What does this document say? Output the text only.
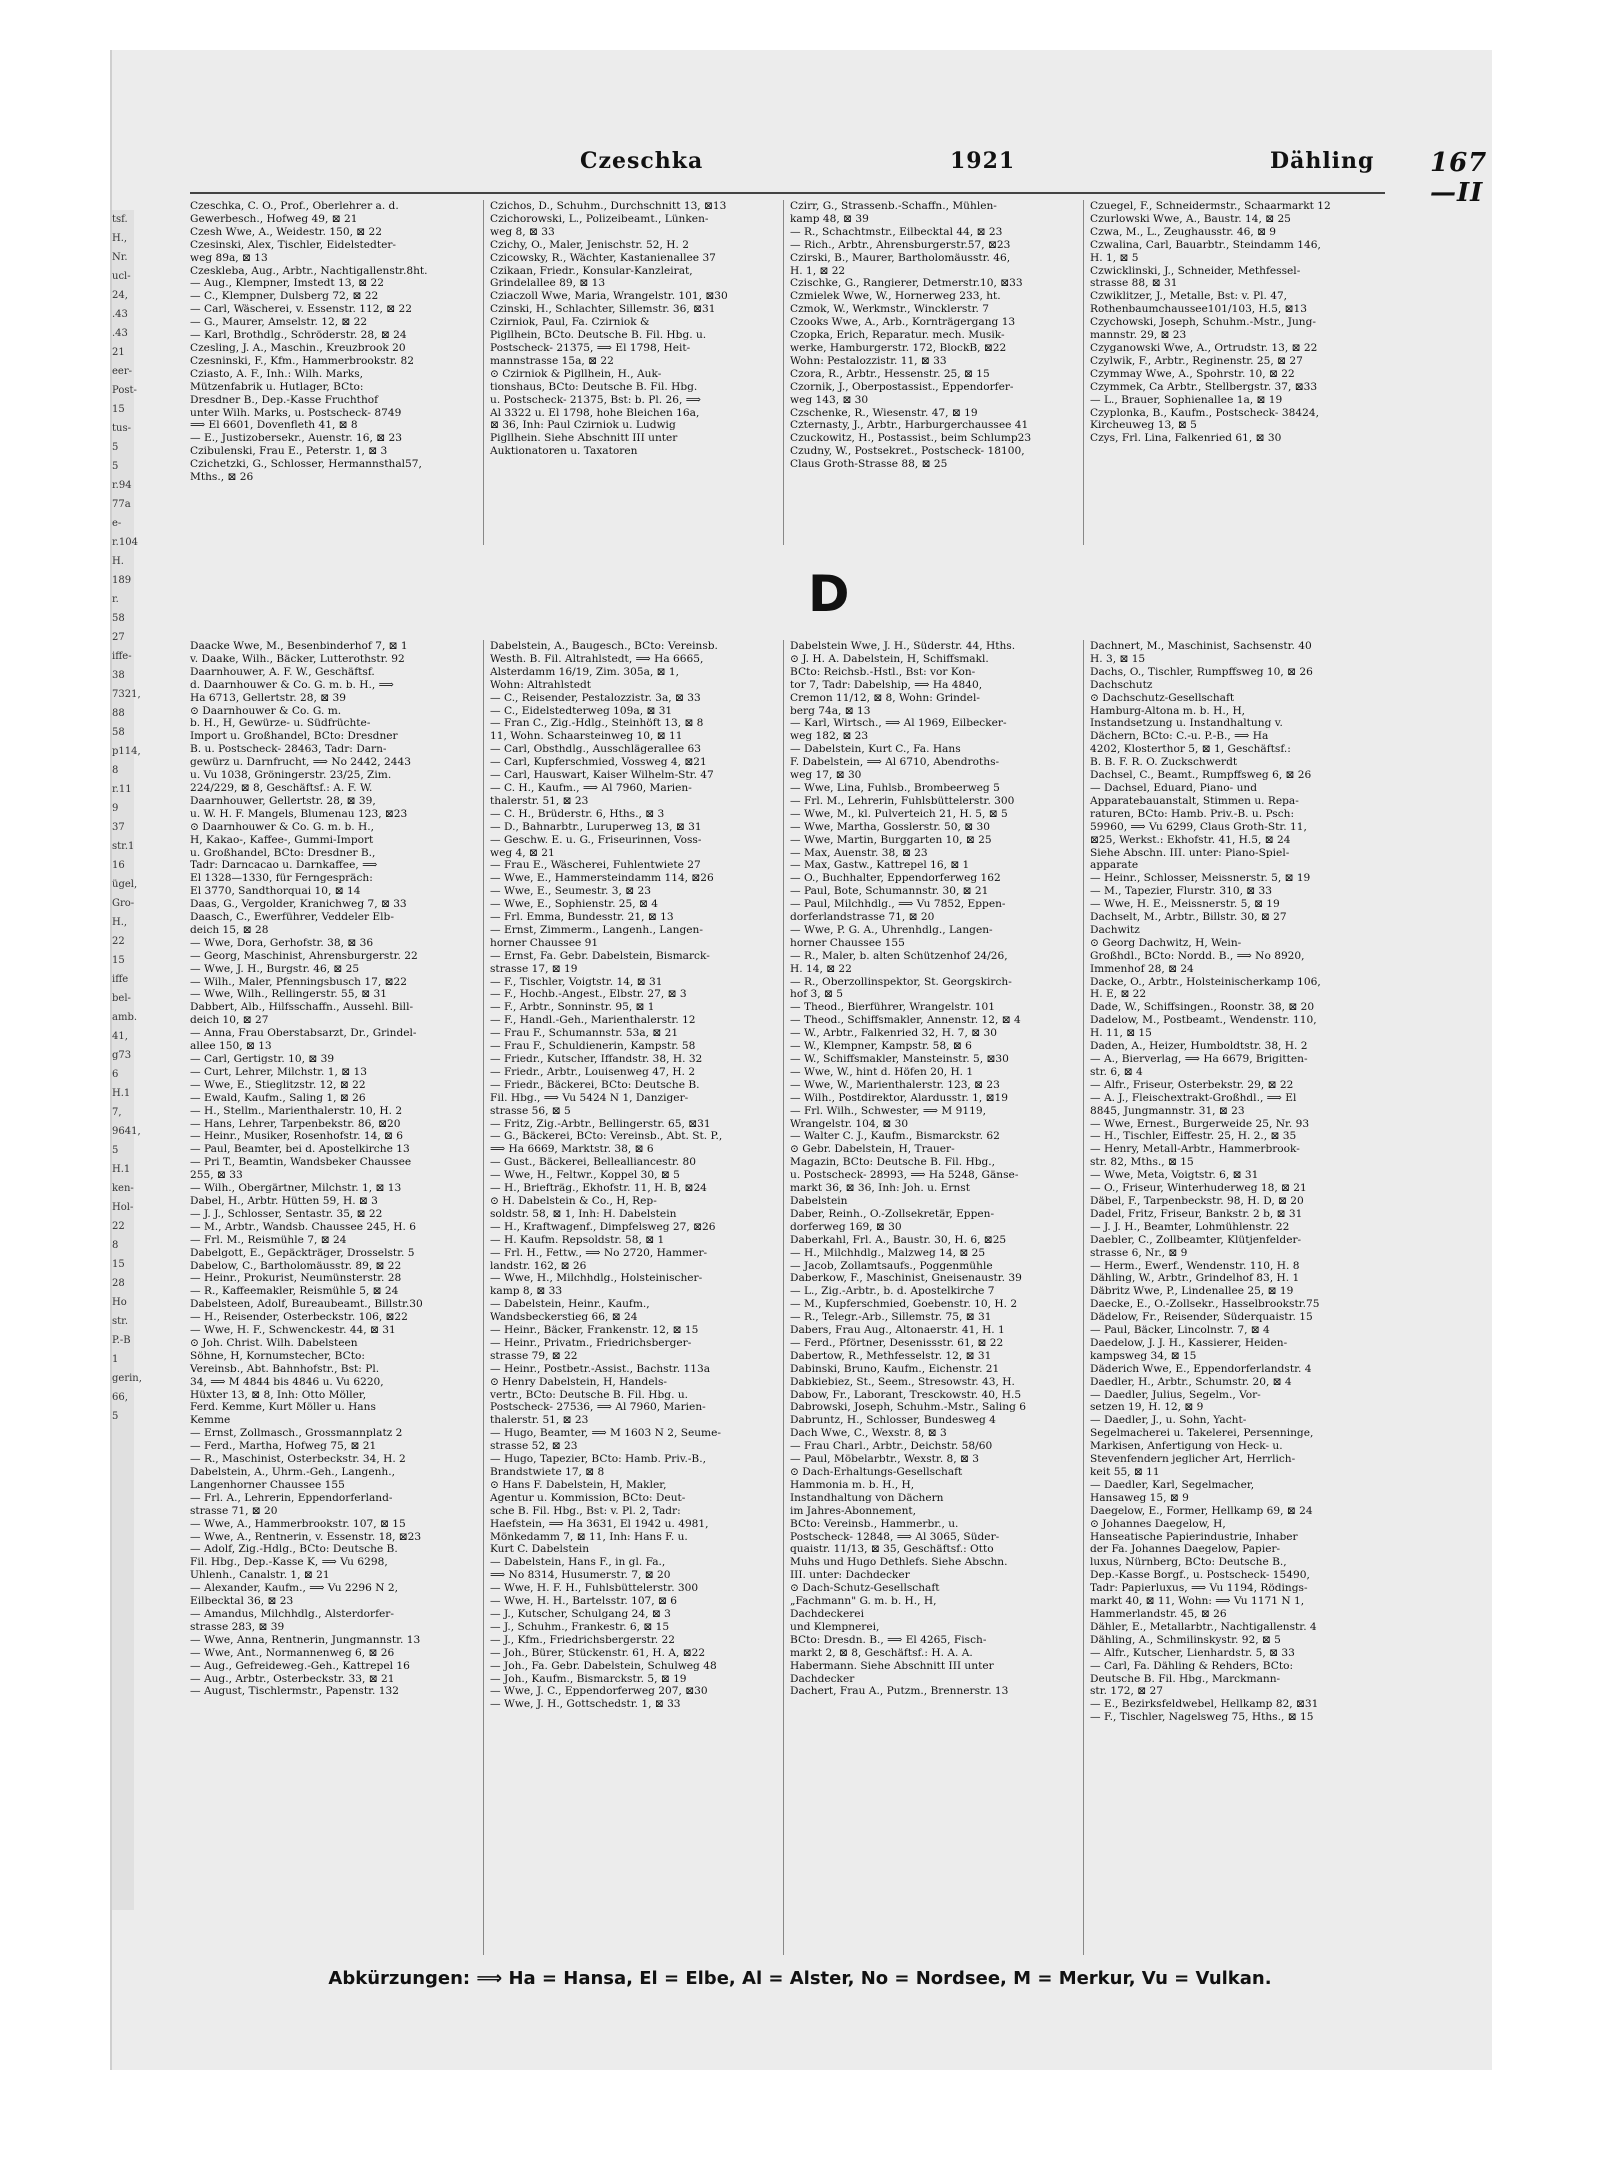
tsf.
H.,
Nr.
ucl-
24,
.43
.43
21
eer-
Post-
15
tus-
5
5
r.94
77a
e-
r.104
H.
189
r.
58
27
iffe-
38
7321,
88
58
p114,
8
r.11
9
37
str.1
16
ügel,
Gro-
H.,
22
15
iffe
bel-
amb.
41,
g73
6
H.1
7,
9641,
5
H.1
ken-
Hol-
22
8
15
28
Ho
str.
P.-B
1
gerin,
66,
5
Czeschka	1921	Dähling 167—II
Czeschka, C. O., Prof., Oberlehrer a. d.
Gewerbesch., Hofweg 49, ⊠ 21
Czesh Wwe, A., Weidestr. 150, ⊠ 22
Czesinski, Alex, Tischler, Eidelstedter-
weg 89a, ⊠ 13
Czeskleba, Aug., Arbtr., Nachtigallenstr.8ht.
— Aug., Klempner, Imstedt 13, ⊠ 22
— C., Klempner, Dulsberg 72, ⊠ 22
— Carl, Wäscherei, v. Essenstr. 112, ⊠ 22
— G., Maurer, Amselstr. 12, ⊠ 22
— Karl, Brothdlg., Schröderstr. 28, ⊠ 24
Czesling, J. A., Maschin., Kreuzbrook 20
Czesninski, F., Kfm., Hammerbrookstr. 82
Cziasto, A. F., Inh.: Wilh. Marks,
Mützenfabrik u. Hutlager, BCto:
Dresdner B., Dep.-Kasse Fruchthof
unter Wilh. Marks, u. Postscheck- 8749
⟹ El 6601, Dovenfleth 41, ⊠ 8
— E., Justizobersekr., Auenstr. 16, ⊠ 23
Czibulenski, Frau E., Peterstr. 1, ⊠ 3
Czichetzki, G., Schlosser, Hermannsthal57,
Mths., ⊠ 26
Czichos, D., Schuhm., Durchschnitt 13, ⊠13
Czichorowski, L., Polizeibeamt., Lünken-
weg 8, ⊠ 33
Czichy, O., Maler, Jenischstr. 52, H. 2
Czicowsky, R., Wächter, Kastanienallee 37
Czikaan, Friedr., Konsular-Kanzleirat,
Grindelallee 89, ⊠ 13
Cziaczoll Wwe, Maria, Wrangelstr. 101, ⊠30
Czinski, H., Schlachter, Sillemstr. 36, ⊠31
Czirniok, Paul, Fa. Czirniok &
Pigllhein, BCto. Deutsche B. Fil. Hbg. u.
Postscheck- 21375, ⟹ El 1798, Heit-
mannstrasse 15a, ⊠ 22
⊙ Czirniok & Pigllhein, H., Auk-
tionshaus, BCto: Deutsche B. Fil. Hbg.
u. Postscheck- 21375, Bst: b. Pl. 26, ⟹
Al 3322 u. El 1798, hohe Bleichen 16a,
⊠ 36, Inh: Paul Czirniok u. Ludwig
Pigllhein. Siehe Abschnitt III unter
Auktionatoren u. Taxatoren
Czirr, G., Strassenb.-Schaffn., Mühlen-
kamp 48, ⊠ 39
— R., Schachtmstr., Eilbecktal 44, ⊠ 23
— Rich., Arbtr., Ahrensburgerstr.57, ⊠23
Czirski, B., Maurer, Bartholomäusstr. 46,
H. 1, ⊠ 22
Czischke, G., Rangierer, Detmerstr.10, ⊠33
Czmielek Wwe, W., Hornerweg 233, ht.
Czmok, W., Werkmstr., Wincklerstr. 7
Czooks Wwe, A., Arb., Kornträgergang 13
Czopka, Erich, Reparatur. mech. Musik-
werke, Hamburgerstr. 172, BlockB, ⊠22
Wohn: Pestalozzistr. 11, ⊠ 33
Czora, R., Arbtr., Hessenstr. 25, ⊠ 15
Czornik, J., Oberpostassist., Eppendorfer-
weg 143, ⊠ 30
Czschenke, R., Wiesenstr. 47, ⊠ 19
Czternasty, J., Arbtr., Harburgerchaussee 41
Czuckowitz, H., Postassist., beim Schlump23
Czudny, W., Postsekret., Postscheck- 18100,
Claus Groth-Strasse 88, ⊠ 25
Czuegel, F., Schneidermstr., Schaarmarkt 12
Czurlowski Wwe, A., Baustr. 14, ⊠ 25
Czwa, M., L., Zeughausstr. 46, ⊠ 9
Czwalina, Carl, Bauarbtr., Steindamm 146,
H. 1, ⊠ 5
Czwicklinski, J., Schneider, Methfessel-
strasse 88, ⊠ 31
Czwiklitzer, J., Metalle, Bst: v. Pl. 47,
Rothenbaumchaussee101/103, H.5, ⊠13
Czychowski, Joseph, Schuhm.-Mstr., Jung-
mannstr. 29, ⊠ 23
Czyganowski Wwe, A., Ortrudstr. 13, ⊠ 22
Czylwik, F., Arbtr., Reginenstr. 25, ⊠ 27
Czymmay Wwe, A., Spohrstr. 10, ⊠ 22
Czymmek, Ca Arbtr., Stellbergstr. 37, ⊠33
— L., Brauer, Sophienallee 1a, ⊠ 19
Czyplonka, B., Kaufm., Postscheck- 38424,
Kircheuweg 13, ⊠ 5
Czys, Frl. Lina, Falkenried 61, ⊠ 30
D
Daacke Wwe, M., Besenbinderhof 7, ⊠ 1
v. Daake, Wilh., Bäcker, Lutterothstr. 92
Daarnhouwer, A. F. W., Geschäftsf.
d. Daarnhouwer & Co. G. m. b. H., ⟹
Ha 6713, Gellertstr. 28, ⊠ 39
⊙ Daarnhouwer & Co. G. m.
b. H., H, Gewürze- u. Südfrüchte-
Import u. Großhandel, BCto: Dresdner
B. u. Postscheck- 28463, Tadr: Darn-
gewürz u. Darnfrucht, ⟹ No 2442, 2443
u. Vu 1038, Gröningerstr. 23/25, Zim.
224/229, ⊠ 8, Geschäftsf.: A. F. W.
Daarnhouwer, Gellertstr. 28, ⊠ 39,
u. W. H. F. Mangels, Blumenau 123, ⊠23
⊙ Daarnhouwer & Co. G. m. b. H.,
H, Kakao-, Kaffee-, Gummi-Import
u. Großhandel, BCto: Dresdner B.,
Tadr: Darncacao u. Darnkaffee, ⟹
El 1328—1330, für Ferngespräch:
El 3770, Sandthorquai 10, ⊠ 14
Daas, G., Vergolder, Kranichweg 7, ⊠ 33
Daasch, C., Ewerführer, Veddeler Elb-
deich 15, ⊠ 28
— Wwe, Dora, Gerhofstr. 38, ⊠ 36
— Georg, Maschinist, Ahrensburgerstr. 22
— Wwe, J. H., Burgstr. 46, ⊠ 25
— Wilh., Maler, Pfenningsbusch 17, ⊠22
— Wwe, Wilh., Rellingerstr. 55, ⊠ 31
Dabbert, Alb., Hilfsschaffn., Aussehl. Bill-
deich 10, ⊠ 27
— Anna, Frau Oberstabsarzt, Dr., Grindel-
allee 150, ⊠ 13
— Carl, Gertigstr. 10, ⊠ 39
— Curt, Lehrer, Milchstr. 1, ⊠ 13
— Wwe, E., Stieglitzstr. 12, ⊠ 22
— Ewald, Kaufm., Saling 1, ⊠ 26
— H., Stellm., Marienthalerstr. 10, H. 2
— Hans, Lehrer, Tarpenbekstr. 86, ⊠20
— Heinr., Musiker, Rosenhofstr. 14, ⊠ 6
— Paul, Beamter, bei d. Apostelkirche 13
— Pri T., Beamtin, Wandsbeker Chaussee
255, ⊠ 33
— Wilh., Obergärtner, Milchstr. 1, ⊠ 13
Dabel, H., Arbtr. Hütten 59, H. ⊠ 3
— J. J., Schlosser, Sentastr. 35, ⊠ 22
— M., Arbtr., Wandsb. Chaussee 245, H. 6
— Frl. M., Reismühle 7, ⊠ 24
Dabelgott, E., Gepäckträger, Drosselstr. 5
Dabelow, C., Bartholomäusstr. 89, ⊠ 22
— Heinr., Prokurist, Neumünsterstr. 28
— R., Kaffeemakler, Reismühle 5, ⊠ 24
Dabelsteen, Adolf, Bureaubeamt., Billstr.30
— H., Reisender, Osterbeckstr. 106, ⊠22
— Wwe, H. F., Schwenckestr. 44, ⊠ 31
⊙ Joh. Christ. Wilh. Dabelsteen
Söhne, H, Kornumstecher, BCto:
Vereinsb., Abt. Bahnhofstr., Bst: Pl.
34, ⟹ M 4844 bis 4846 u. Vu 6220,
Hüxter 13, ⊠ 8, Inh: Otto Möller,
Ferd. Kemme, Kurt Möller u. Hans
Kemme
— Ernst, Zollmasch., Grossmannplatz 2
— Ferd., Martha, Hofweg 75, ⊠ 21
— R., Maschinist, Osterbeckstr. 34, H. 2
Dabelstein, A., Uhrm.-Geh., Langenh.,
Langenhorner Chaussee 155
— Frl. A., Lehrerin, Eppendorferland-
strasse 71, ⊠ 20
— Wwe, A., Hammerbrookstr. 107, ⊠ 15
— Wwe, A., Rentnerin, v. Essenstr. 18, ⊠23
— Adolf, Zig.-Hdlg., BCto: Deutsche B.
Fil. Hbg., Dep.-Kasse K, ⟹ Vu 6298,
Uhlenh., Canalstr. 1, ⊠ 21
— Alexander, Kaufm., ⟹ Vu 2296 N 2,
Eilbecktal 36, ⊠ 23
— Amandus, Milchhdlg., Alsterdorfer-
strasse 283, ⊠ 39
— Wwe, Anna, Rentnerin, Jungmannstr. 13
— Wwe, Ant., Normannenweg 6, ⊠ 26
— Aug., Gefreideweg.-Geh., Kattrepel 16
— Aug., Arbtr., Osterbeckstr. 33, ⊠ 21
— August, Tischlermstr., Papenstr. 132
Dabelstein, A., Baugesch., BCto: Vereinsb.
Westh. B. Fil. Altrahlstedt, ⟹ Ha 6665,
Alsterdamm 16/19, Zim. 305a, ⊠ 1,
Wohn: Altrahlstedt
— C., Reisender, Pestalozzistr. 3a, ⊠ 33
— C., Eidelstedterweg 109a, ⊠ 31
— Fran C., Zig.-Hdlg., Steinhöft 13, ⊠ 8
11, Wohn. Schaarsteinweg 10, ⊠ 11
— Carl, Obsthdlg., Ausschlägerallee 63
— Carl, Kupferschmied, Vossweg 4, ⊠21
— Carl, Hauswart, Kaiser Wilhelm-Str. 47
— C. H., Kaufm., ⟹ Al 7960, Marien-
thalerstr. 51, ⊠ 23
— C. H., Brüderstr. 6, Hths., ⊠ 3
— D., Bahnarbtr., Luruperweg 13, ⊠ 31
— Geschw. E. u. G., Friseurinnen, Voss-
weg 4, ⊠ 21
— Frau E., Wäscherei, Fuhlentwiete 27
— Wwe, E., Hammersteindamm 114, ⊠26
— Wwe, E., Seumestr. 3, ⊠ 23
— Wwe, E., Sophienstr. 25, ⊠ 4
— Frl. Emma, Bundesstr. 21, ⊠ 13
— Ernst, Zimmerm., Langenh., Langen-
horner Chaussee 91
— Ernst, Fa. Gebr. Dabelstein, Bismarck-
strasse 17, ⊠ 19
— F., Tischler, Voigtstr. 14, ⊠ 31
— F., Hochb.-Angest., Elbstr. 27, ⊠ 3
— F., Arbtr., Sonninstr. 95, ⊠ 1
— F., Handl.-Geh., Marienthalerstr. 12
— Frau F., Schumannstr. 53a, ⊠ 21
— Frau F., Schuldienerin, Kampstr. 58
— Friedr., Kutscher, Iffandstr. 38, H. 32
— Friedr., Arbtr., Louisenweg 47, H. 2
— Friedr., Bäckerei, BCto: Deutsche B.
Fil. Hbg., ⟹ Vu 5424 N 1, Danziger-
strasse 56, ⊠ 5
— Fritz, Zig.-Arbtr., Bellingerstr. 65, ⊠31
— G., Bäckerei, BCto: Vereinsb., Abt. St. P.,
⟹ Ha 6669, Marktstr. 38, ⊠ 6
— Gust., Bäckerei, Bellealliancestr. 80
— Wwe, H., Feltwr., Koppel 30, ⊠ 5
— H., Briefträg., Ekhofstr. 11, H. B, ⊠24
⊙ H. Dabelstein & Co., H, Rep-
soldstr. 58, ⊠ 1, Inh: H. Dabelstein
— H., Kraftwagenf., Dimpfelsweg 27, ⊠26
— H. Kaufm. Repsoldstr. 58, ⊠ 1
— Frl. H., Fettw., ⟹ No 2720, Hammer-
landstr. 162, ⊠ 26
— Wwe, H., Milchhdlg., Holsteinischer-
kamp 8, ⊠ 33
— Dabelstein, Heinr., Kaufm.,
Wandsbeckerstieg 66, ⊠ 24
— Heinr., Bäcker, Frankenstr. 12, ⊠ 15
— Heinr., Privatm., Friedrichsberger-
strasse 79, ⊠ 22
— Heinr., Postbetr.-Assist., Bachstr. 113a
⊙ Henry Dabelstein, H, Handels-
vertr., BCto: Deutsche B. Fil. Hbg. u.
Postscheck- 27536, ⟹ Al 7960, Marien-
thalerstr. 51, ⊠ 23
— Hugo, Beamter, ⟹ M 1603 N 2, Seume-
strasse 52, ⊠ 23
— Hugo, Tapezier, BCto: Hamb. Priv.-B.,
Brandstwiete 17, ⊠ 8
⊙ Hans F. Dabelstein, H, Makler,
Agentur u. Kommission, BCto: Deut-
sche B. Fil. Hbg., Bst: v. Pl. 2, Tadr:
Haefstein, ⟹ Ha 3631, El 1942 u. 4981,
Mönkedamm 7, ⊠ 11, Inh: Hans F. u.
Kurt C. Dabelstein
— Dabelstein, Hans F., in gl. Fa.,
⟹ No 8314, Husumerstr. 7, ⊠ 20
— Wwe, H. F. H., Fuhlsbüttelerstr. 300
— Wwe, H. H., Bartelsstr. 107, ⊠ 6
— J., Kutscher, Schulgang 24, ⊠ 3
— J., Schuhm., Frankestr. 6, ⊠ 15
— J., Kfm., Friedrichsbergerstr. 22
— Joh., Bürer, Stückenstr. 61, H. A, ⊠22
— Joh., Fa. Gebr. Dabelstein, Schulweg 48
— Joh., Kaufm., Bismarckstr. 5, ⊠ 19
— Wwe, J. C., Eppendorferweg 207, ⊠30
— Wwe, J. H., Gottschedstr. 1, ⊠ 33
Dabelstein Wwe, J. H., Süderstr. 44, Hths.
⊙ J. H. A. Dabelstein, H, Schiffsmakl.
BCto: Reichsb.-Hstl., Bst: vor Kon-
tor 7, Tadr: Dabelship, ⟹ Ha 4840,
Cremon 11/12, ⊠ 8, Wohn: Grindel-
berg 74a, ⊠ 13
— Karl, Wirtsch., ⟹ Al 1969, Eilbecker-
weg 182, ⊠ 23
— Dabelstein, Kurt C., Fa. Hans
F. Dabelstein, ⟹ Al 6710, Abendroths-
weg 17, ⊠ 30
— Wwe, Lina, Fuhlsb., Brombeerweg 5
— Frl. M., Lehrerin, Fuhlsbüttelerstr. 300
— Wwe, M., kl. Pulverteich 21, H. 5, ⊠ 5
— Wwe, Martha, Gosslerstr. 50, ⊠ 30
— Wwe, Martin, Burggarten 10, ⊠ 25
— Max, Auenstr. 38, ⊠ 23
— Max, Gastw., Kattrepel 16, ⊠ 1
— O., Buchhalter, Eppendorferweg 162
— Paul, Bote, Schumannstr. 30, ⊠ 21
— Paul, Milchhdlg., ⟹ Vu 7852, Eppen-
dorferlandstrasse 71, ⊠ 20
— Wwe, P. G. A., Uhrenhdlg., Langen-
horner Chaussee 155
— R., Maler, b. alten Schützenhof 24/26,
H. 14, ⊠ 22
— R., Oberzollinspektor, St. Georgskirch-
hof 3, ⊠ 5
— Theod., Bierführer, Wrangelstr. 101
— Theod., Schiffsmakler, Annenstr. 12, ⊠ 4
— W., Arbtr., Falkenried 32, H. 7, ⊠ 30
— W., Klempner, Kampstr. 58, ⊠ 6
— W., Schiffsmakler, Mansteinstr. 5, ⊠30
— Wwe, W., hint d. Höfen 20, H. 1
— Wwe, W., Marienthalerstr. 123, ⊠ 23
— Wilh., Postdirektor, Alardusstr. 1, ⊠19
— Frl. Wilh., Schwester, ⟹ M 9119,
Wrangelstr. 104, ⊠ 30
— Walter C. J., Kaufm., Bismarckstr. 62
⊙ Gebr. Dabelstein, H, Trauer-
Magazin, BCto: Deutsche B. Fil. Hbg.,
u. Postscheck- 28993, ⟹ Ha 5248, Gänse-
markt 36, ⊠ 36, Inh: Joh. u. Ernst
Dabelstein
Daber, Reinh., O.-Zollsekretär, Eppen-
dorferweg 169, ⊠ 30
Daberkahl, Frl. A., Baustr. 30, H. 6, ⊠25
— H., Milchhdlg., Malzweg 14, ⊠ 25
— Jacob, Zollamtsaufs., Poggenmühle
Daberkow, F., Maschinist, Gneisenaustr. 39
— L., Zig.-Arbtr., b. d. Apostelkirche 7
— M., Kupferschmied, Goebenstr. 10, H. 2
— R., Telegr.-Arb., Sillemstr. 75, ⊠ 31
Dabers, Frau Aug., Altonaerstr. 41, H. 1
— Ferd., Pförtner, Desenissstr. 61, ⊠ 22
Dabertow, R., Methfesselstr. 12, ⊠ 31
Dabinski, Bruno, Kaufm., Eichenstr. 21
Dabkiebiez, St., Seem., Stresowstr. 43, H.
Dabow, Fr., Laborant, Tresckowstr. 40, H.5
Dabrowski, Joseph, Schuhm.-Mstr., Saling 6
Dabruntz, H., Schlosser, Bundesweg 4
Dach Wwe, C., Wexstr. 8, ⊠ 3
— Frau Charl., Arbtr., Deichstr. 58/60
— Paul, Möbelarbtr., Wexstr. 8, ⊠ 3
⊙ Dach-Erhaltungs-Gesellschaft
Hammonia m. b. H., H,
Instandhaltung von Dächern
im Jahres-Abonnement,
BCto: Vereinsb., Hammerbr., u.
Postscheck- 12848, ⟹ Al 3065, Süder-
quaistr. 11/13, ⊠ 35, Geschäftsf.: Otto
Muhs und Hugo Dethlefs. Siehe Abschn.
III. unter: Dachdecker
⊙ Dach-Schutz-Gesellschaft
„Fachmann" G. m. b. H., H,
Dachdeckerei
und Klempnerei,
BCto: Dresdn. B., ⟹ El 4265, Fisch-
markt 2, ⊠ 8, Geschäftsf.: H. A. A.
Habermann. Siehe Abschnitt III unter
Dachdecker
Dachert, Frau A., Putzm., Brennerstr. 13
Dachnert, M., Maschinist, Sachsenstr. 40
H. 3, ⊠ 15
Dachs, O., Tischler, Rumpffsweg 10, ⊠ 26
Dachschutz
⊙ Dachschutz-Gesellschaft
Hamburg-Altona m. b. H., H,
Instandsetzung u. Instandhaltung v.
Dächern, BCto: C.-u. P.-B., ⟹ Ha
4202, Klosterthor 5, ⊠ 1, Geschäftsf.:
B. B. F. R. O. Zuckschwerdt
Dachsel, C., Beamt., Rumpffsweg 6, ⊠ 26
— Dachsel, Eduard, Piano- und
Apparatebauanstalt, Stimmen u. Repa-
raturen, BCto: Hamb. Priv.-B. u. Psch:
59960, ⟹ Vu 6299, Claus Groth-Str. 11,
⊠25, Werkst.: Ekhofstr. 41, H.5, ⊠ 24
Siehe Abschn. III. unter: Piano-Spiel-
apparate
— Heinr., Schlosser, Meissnerstr. 5, ⊠ 19
— M., Tapezier, Flurstr. 310, ⊠ 33
— Wwe, H. E., Meissnerstr. 5, ⊠ 19
Dachselt, M., Arbtr., Billstr. 30, ⊠ 27
Dachwitz
⊙ Georg Dachwitz, H, Wein-
Großhdl., BCto: Nordd. B., ⟹ No 8920,
Immenhof 28, ⊠ 24
Dacke, O., Arbtr., Holsteinischerkamp 106,
H. E, ⊠ 22
Dade, W., Schiffsingen., Roonstr. 38, ⊠ 20
Dadelow, M., Postbeamt., Wendenstr. 110,
H. 11, ⊠ 15
Daden, A., Heizer, Humboldtstr. 38, H. 2
— A., Bierverlag, ⟹ Ha 6679, Brigitten-
str. 6, ⊠ 4
— Alfr., Friseur, Osterbekstr. 29, ⊠ 22
— A. J., Fleischextrakt-Großhdl., ⟹ El
8845, Jungmannstr. 31, ⊠ 23
— Wwe, Ernest., Burgerweide 25, Nr. 93
— H., Tischler, Eiffestr. 25, H. 2., ⊠ 35
— Henry, Metall-Arbtr., Hammerbrook-
str. 82, Mths., ⊠ 15
— Wwe, Meta, Voigtstr. 6, ⊠ 31
— O., Friseur, Winterhuderweg 18, ⊠ 21
Däbel, F., Tarpenbeckstr. 98, H. D, ⊠ 20
Dadel, Fritz, Friseur, Bankstr. 2 b, ⊠ 31
— J. J. H., Beamter, Lohmühlenstr. 22
Daebler, C., Zollbeamter, Klütjenfelder-
strasse 6, Nr., ⊠ 9
— Herm., Ewerf., Wendenstr. 110, H. 8
Dähling, W., Arbtr., Grindelhof 83, H. 1
Däbritz Wwe, P., Lindenallee 25, ⊠ 19
Daecke, E., O.-Zollsekr., Hasselbrookstr.75
Dädelow, Fr., Reisender, Süderquaistr. 15
— Paul, Bäcker, Lincolnstr. 7, ⊠ 4
Daedelow, J. J. H., Kassierer, Heiden-
kampsweg 34, ⊠ 15
Däderich Wwe, E., Eppendorferlandstr. 4
Daedler, H., Arbtr., Schumstr. 20, ⊠ 4
— Daedler, Julius, Segelm., Vor-
setzen 19, H. 12, ⊠ 9
— Daedler, J., u. Sohn, Yacht-
Segelmacherei u. Takelerei, Persenninge,
Markisen, Anfertigung von Heck- u.
Stevenfendern jeglicher Art, Herrlich-
keit 55, ⊠ 11
— Daedler, Karl, Segelmacher,
Hansaweg 15, ⊠ 9
Daegelow, E., Former, Hellkamp 69, ⊠ 24
⊙ Johannes Daegelow, H,
Hanseatische Papierindustrie, Inhaber
der Fa. Johannes Daegelow, Papier-
luxus, Nürnberg, BCto: Deutsche B.,
Dep.-Kasse Borgf., u. Postscheck- 15490,
Tadr: Papierluxus, ⟹ Vu 1194, Rödings-
markt 40, ⊠ 11, Wohn: ⟹ Vu 1171 N 1,
Hammerlandstr. 45, ⊠ 26
Dähler, E., Metallarbtr., Nachtigallenstr. 4
Dähling, A., Schmilinskystr. 92, ⊠ 5
— Alfr., Kutscher, Lienhardstr. 5, ⊠ 33
— Carl, Fa. Dähling & Rehders, BCto:
Deutsche B. Fil. Hbg., Marckmann-
str. 172, ⊠ 27
— E., Bezirksfeldwebel, Hellkamp 82, ⊠31
— F., Tischler, Nagelsweg 75, Hths., ⊠ 15
Abkürzungen: ⟹ Ha = Hansa, El = Elbe, Al = Alster, No = Nordsee, M = Merkur, Vu = Vulkan.
